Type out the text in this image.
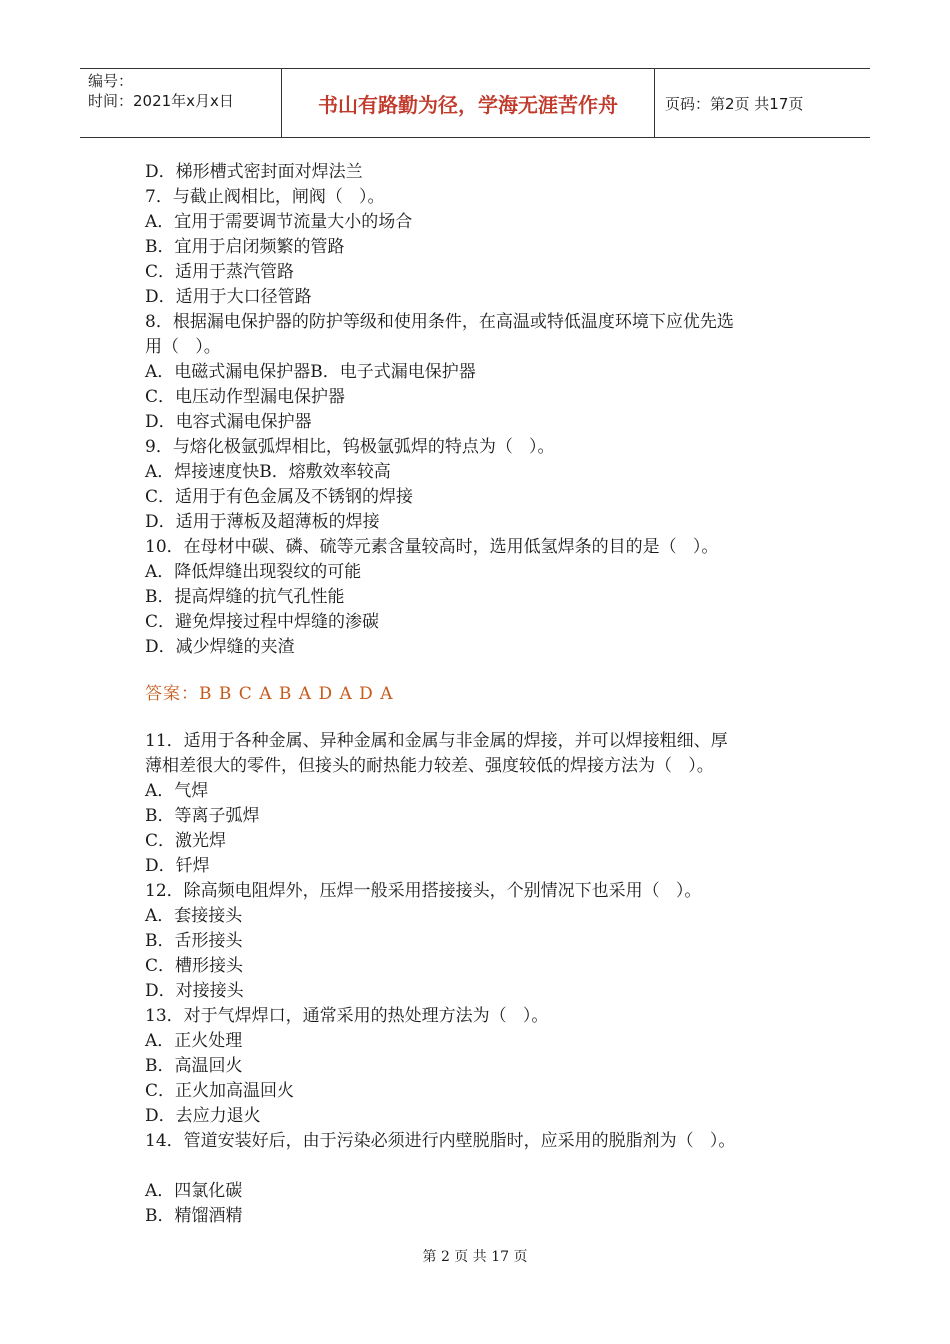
编号：
时间：2021年x月x日	书山有路勤为径，学海无涯苦作舟	页码：第2页 共17页
D．梯形槽式密封面对焊法兰
7．与截止阀相比，闸阀（   ）。
A．宜用于需要调节流量大小的场合
B．宜用于启闭频繁的管路
C．适用于蒸汽管路
D．适用于大口径管路
8．根据漏电保护器的防护等级和使用条件，在高温或特低温度环境下应优先选
用（   ）。
A．电磁式漏电保护器B．电子式漏电保护器
C．电压动作型漏电保护器
D．电容式漏电保护器
9．与熔化极氩弧焊相比，钨极氩弧焊的特点为（   ）。
A．焊接速度快B．熔敷效率较高
C．适用于有色金属及不锈钢的焊接
D．适用于薄板及超薄板的焊接
10．在母材中碳、磷、硫等元素含量较高时，选用低氢焊条的目的是（   ）。
A．降低焊缝出现裂纹的可能
B．提高焊缝的抗气孔性能
C．避免焊接过程中焊缝的渗碳
D．减少焊缝的夹渣
答案：B B C A B A D A D A
11．适用于各种金属、异种金属和金属与非金属的焊接，并可以焊接粗细、厚
薄相差很大的零件，但接头的耐热能力较差、强度较低的焊接方法为（   ）。
A．气焊
B．等离子弧焊
C．激光焊
D．钎焊
12．除高频电阻焊外，压焊一般采用搭接接头，个别情况下也采用（   ）。
A．套接接头
B．舌形接头
C．槽形接头
D．对接接头
13．对于气焊焊口，通常采用的热处理方法为（   ）。
A．正火处理
B．高温回火
C．正火加高温回火
D．去应力退火
14．管道安装好后，由于污染必须进行内壁脱脂时，应采用的脱脂剂为（   ）。
A．四氯化碳
B．精馏酒精
第 2 页 共 17 页
